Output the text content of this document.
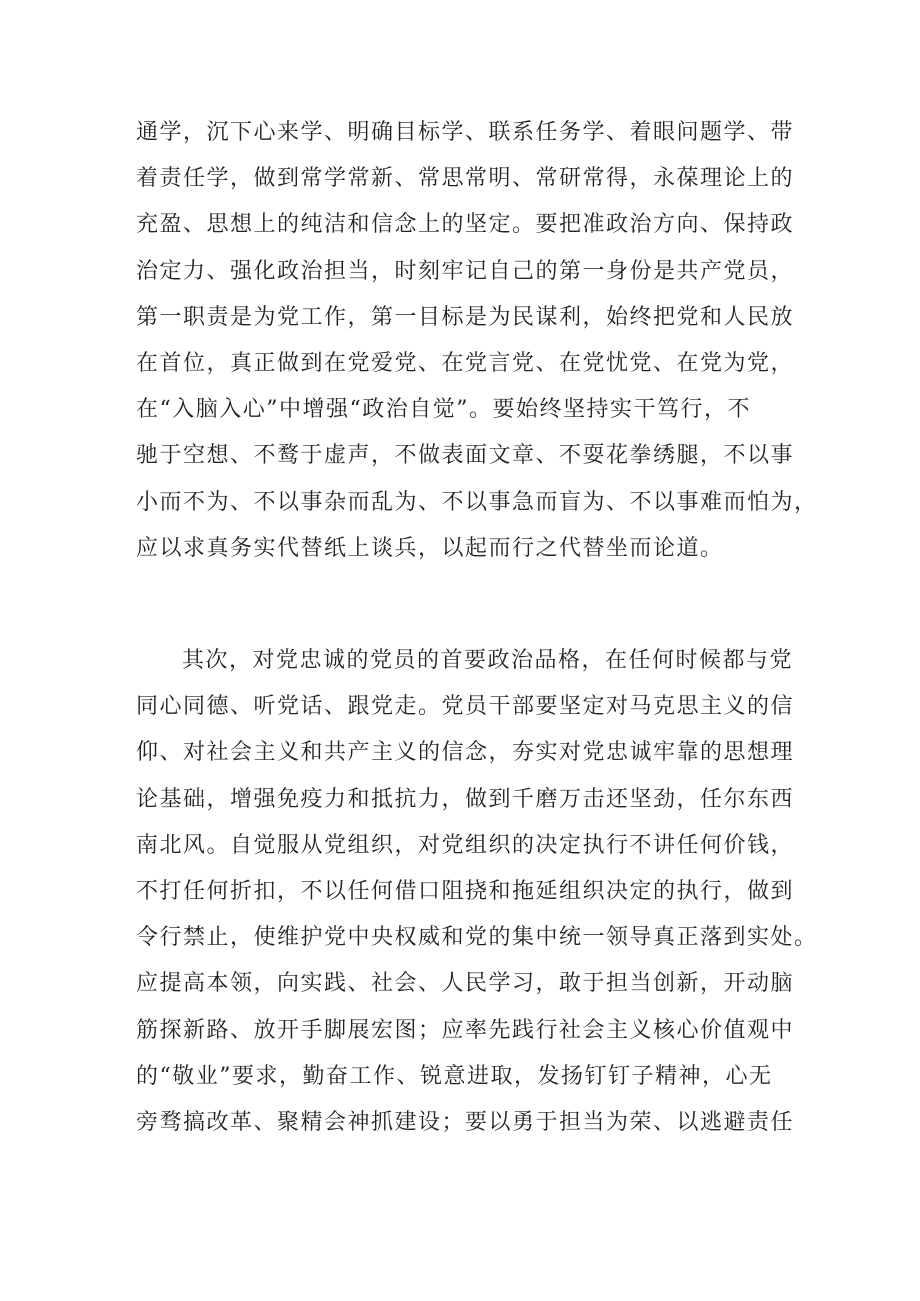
通学，沉下心来学、明确目标学、联系任务学、着眼问题学、带
着责任学，做到常学常新、常思常明、常研常得，永葆理论上的
充盈、思想上的纯洁和信念上的坚定。要把准政治方向、保持政
治定力、强化政治担当，时刻牢记自己的第一身份是共产党员，
第一职责是为党工作，第一目标是为民谋利，始终把党和人民放
在首位，真正做到在党爱党、在党言党、在党忧党、在党为党，
在“入脑入心”中增强“政治自觉”。要始终坚持实干笃行，不
驰于空想、不鹜于虚声，不做表面文章、不耍花拳绣腿，不以事
小而不为、不以事杂而乱为、不以事急而盲为、不以事难而怕为，
应以求真务实代替纸上谈兵，以起而行之代替坐而论道。
其次，对党忠诚的党员的首要政治品格，在任何时候都与党
同心同德、听党话、跟党走。党员干部要坚定对马克思主义的信
仰、对社会主义和共产主义的信念，夯实对党忠诚牢靠的思想理
论基础，增强免疫力和抵抗力，做到千磨万击还坚劲，任尔东西
南北风。自觉服从党组织，对党组织的决定执行不讲任何价钱，
不打任何折扣，不以任何借口阻挠和拖延组织决定的执行，做到
令行禁止，使维护党中央权威和党的集中统一领导真正落到实处。
应提高本领，向实践、社会、人民学习，敢于担当创新，开动脑
筋探新路、放开手脚展宏图；应率先践行社会主义核心价值观中
的“敬业”要求，勤奋工作、锐意进取，发扬钉钉子精神，心无
旁骛搞改革、聚精会神抓建设；要以勇于担当为荣、以逃避责任
